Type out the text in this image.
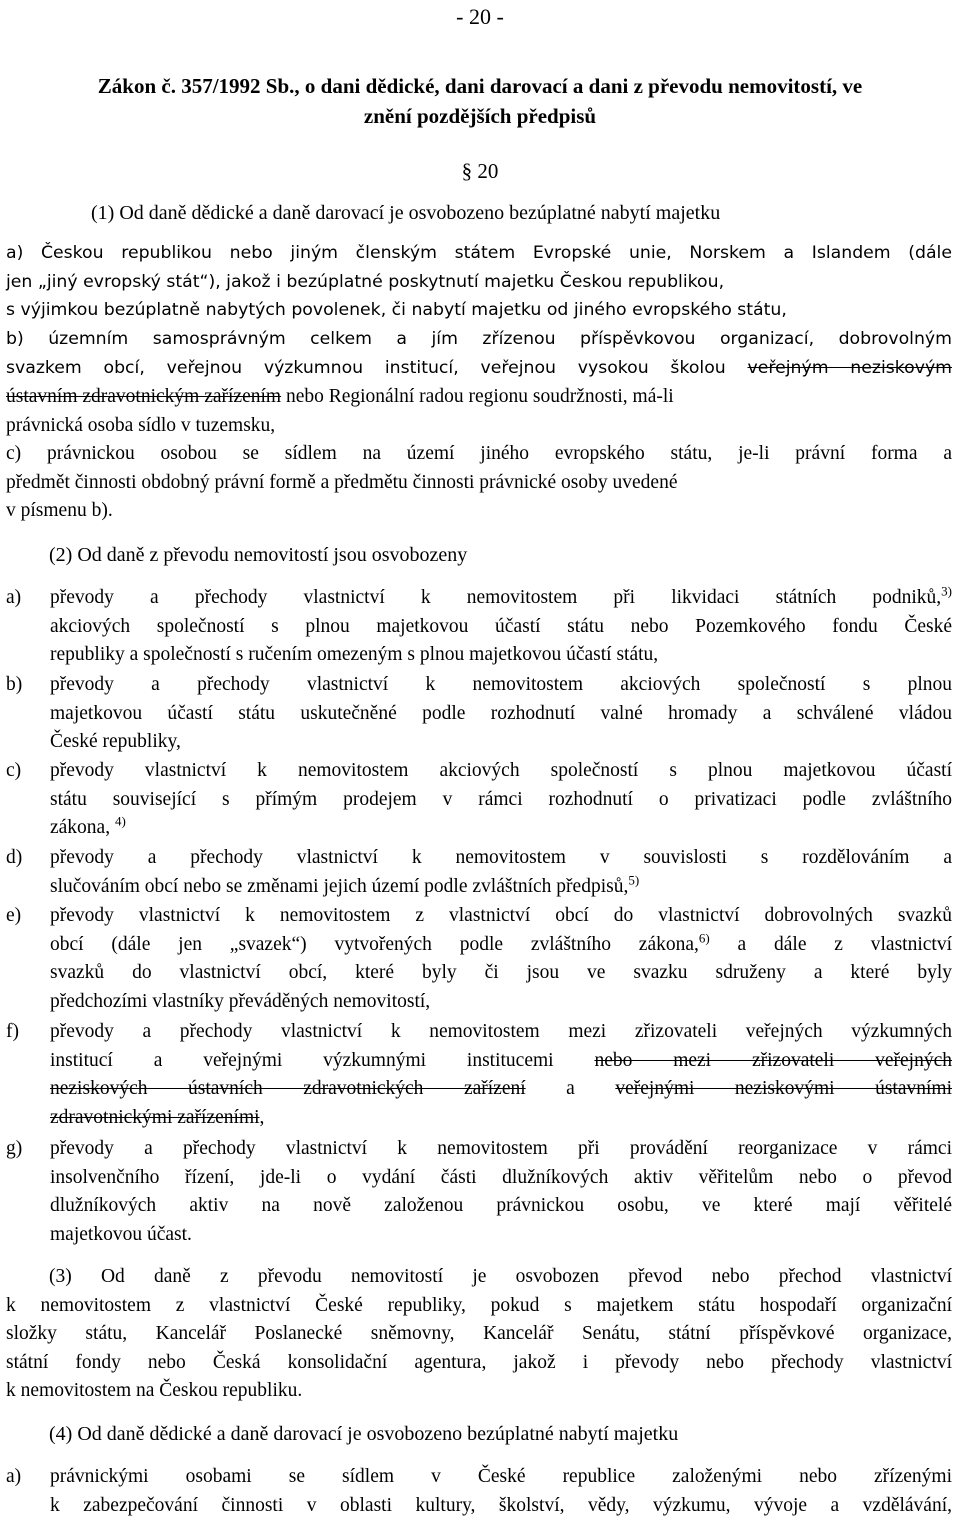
- 20 -
Zákon č. 357/1992 Sb., o dani dědické, dani darovací a dani z převodu nemovitostí, ve
znění pozdějších předpisů
§ 20
(1) Od daně dědické a daně darovací je osvobozeno bezúplatné nabytí majetku
a) Českou republikou nebo jiným členským státem Evropské unie, Norskem a Islandem (dále
jen „jiný evropský stát“), jakož i bezúplatné poskytnutí majetku Českou republikou,
s výjimkou bezúplatně nabytých povolenek, či nabytí majetku od jiného evropského státu,
b) územním samosprávným celkem a jím zřízenou příspěvkovou organizací, dobrovolným
svazkem obcí, veřejnou výzkumnou institucí, veřejnou vysokou školou veřejným neziskovým
ústavním zdravotnickým zařízením nebo Regionální radou regionu soudržnosti, má-li
právnická osoba sídlo v tuzemsku,
c) právnickou osobou se sídlem na území jiného evropského státu, je-li právní forma a
předmět činnosti obdobný právní formě a předmětu činnosti právnické osoby uvedené
v písmenu b).
(2) Od daně z převodu nemovitostí jsou osvobozeny
a) převody a přechody vlastnictví k nemovitostem při likvidaci státních podniků,$^{3)}$
akciových společností s plnou majetkovou účastí státu nebo Pozemkového fondu České
republiky a společností s ručením omezeným s plnou majetkovou účastí státu,
b) převody a přechody vlastnictví k nemovitostem akciových společností s plnou
majetkovou účastí státu uskutečněné podle rozhodnutí valné hromady a schválené vládou
České republiky,
c) převody vlastnictví k nemovitostem akciových společností s plnou majetkovou účastí
státu související s přímým prodejem v rámci rozhodnutí o privatizaci podle zvláštního
zákona, $^{4)}$
d) převody a přechody vlastnictví k nemovitostem v souvislosti s rozdělováním a
slučováním obcí nebo se změnami jejich území podle zvláštních předpisů,$^{5)}$
e) převody vlastnictví k nemovitostem z vlastnictví obcí do vlastnictví dobrovolných svazků
obcí (dále jen „svazek“) vytvořených podle zvláštního zákona,$^{6)}$ a dále z vlastnictví
svazků do vlastnictví obcí, které byly či jsou ve svazku sdruženy a které byly
předchozími vlastníky převáděných nemovitostí,
f) převody a přechody vlastnictví k nemovitostem mezi zřizovateli veřejných výzkumných
institucí a veřejnými výzkumnými institucemi nebo mezi zřizovateli veřejných
neziskových ústavních zdravotnických zařízení a veřejnými neziskovými ústavními
zdravotnickými zařízeními,
g) převody a přechody vlastnictví k nemovitostem při provádění reorganizace v rámci
insolvenčního řízení, jde-li o vydání části dlužníkových aktiv věřitelům nebo o převod
dlužníkových aktiv na nově založenou právnickou osobu, ve které mají věřitelé
majetkovou účast.
(3) Od daně z převodu nemovitostí je osvobozen převod nebo přechod vlastnictví
k nemovitostem z vlastnictví České republiky, pokud s majetkem státu hospodaří organizační
složky státu, Kancelář Poslanecké sněmovny, Kancelář Senátu, státní příspěvkové organizace,
státní fondy nebo Česká konsolidační agentura, jakož i převody nebo přechody vlastnictví
k nemovitostem na Českou republiku.
(4) Od daně dědické a daně darovací je osvobozeno bezúplatné nabytí majetku
a) právnickými osobami se sídlem v České republice založenými nebo zřízenými
k zabezpečování činnosti v oblasti kultury, školství, vědy, výzkumu, vývoje a vzdělávání,
